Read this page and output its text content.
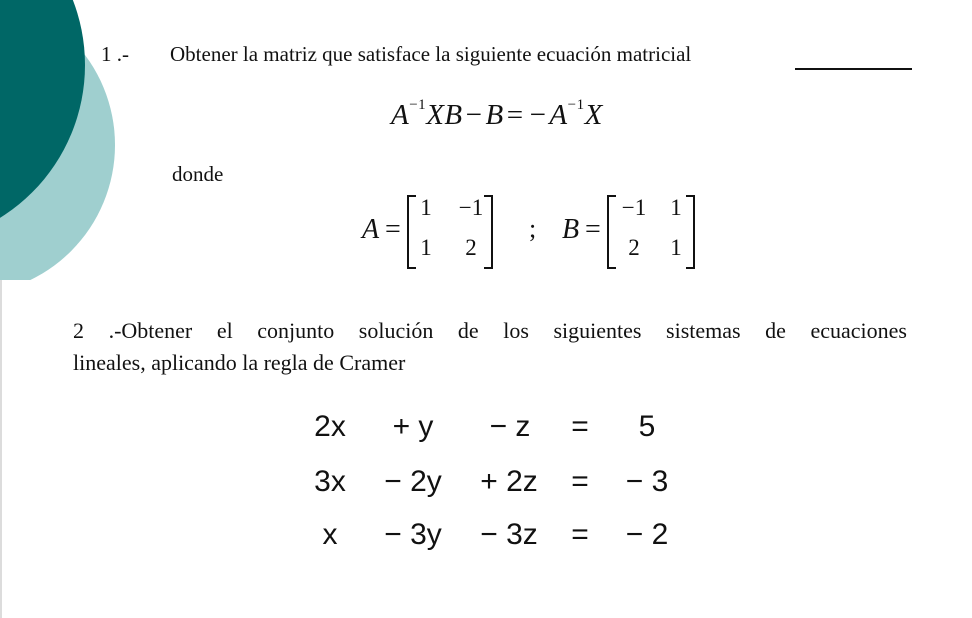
1 .- Obtener la matriz que satisface la siguiente ecuación matricial
$A^{-1}XB - B$ = − $A^{-1}X$
donde
A =
1	−1
1	2
; B =
−1	1
2	1
2 .-Obtener el conjunto solución de los siguientes sistemas de ecuaciones
lineales, aplicando la regla de Cramer
2x	+ y	− z	=	5
3x	− 2y	+ 2z	=	− 3
x	− 3y	− 3z	=	− 2
